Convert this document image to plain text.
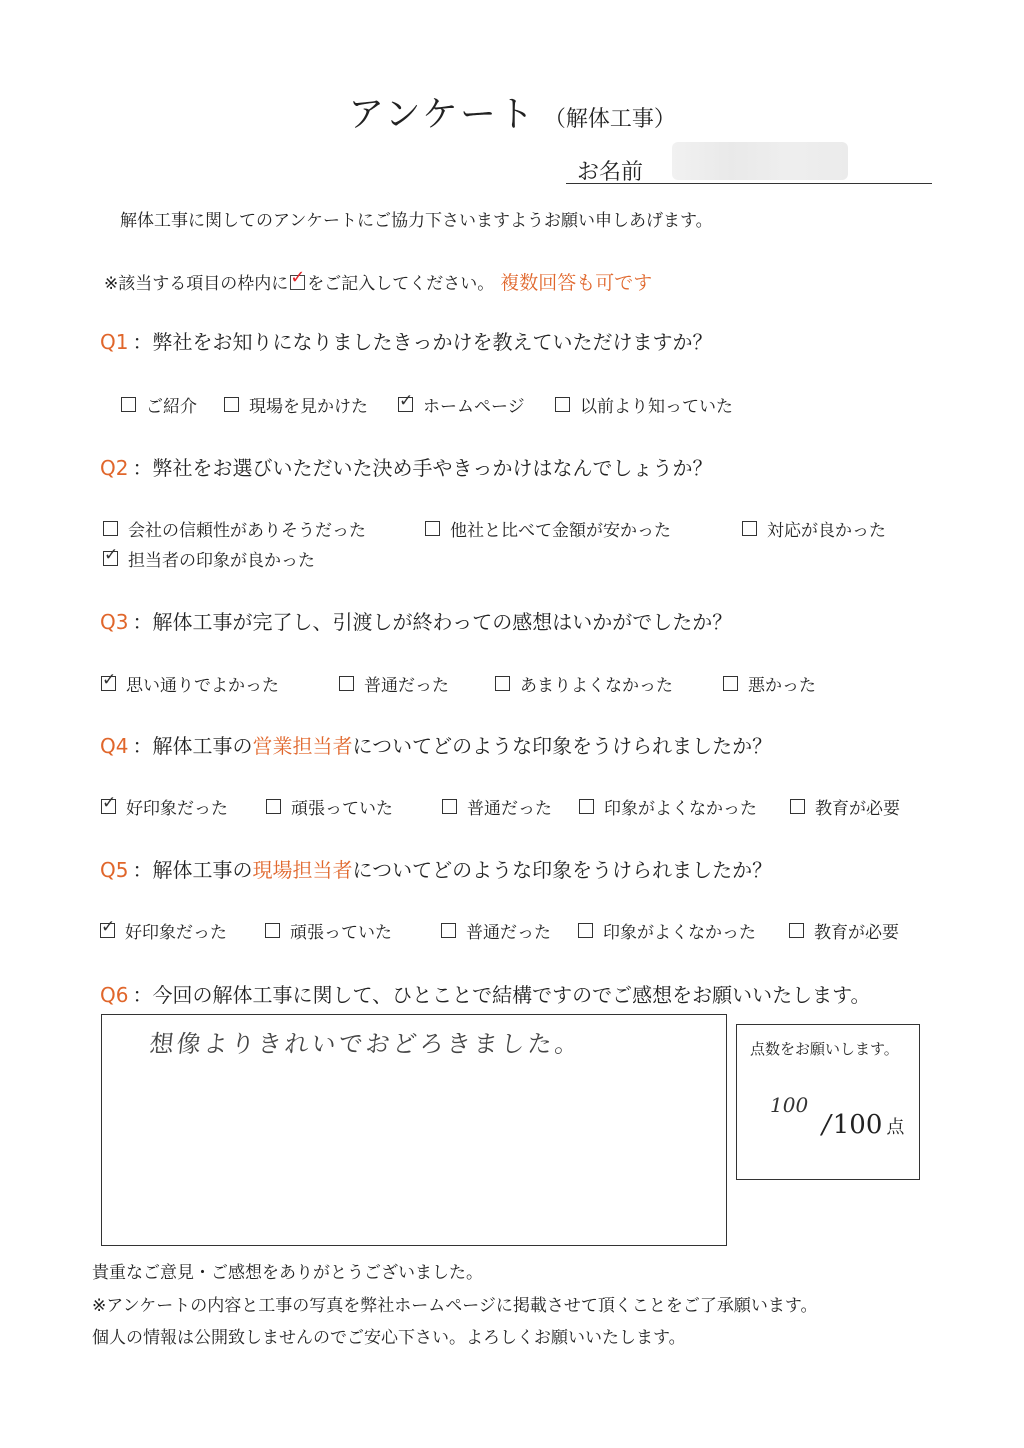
アンケート （解体工事）
お名前
解体工事に関してのアンケートにご協力下さいますようお願い申しあげます。
※該当する項目の枠内に ✓ をご記入してください。 複数回答も可です
Q1 ：弊社をお知りになりましたきっかけを教えていただけますか？
ご紹介	現場を見かけた ✓ ホームページ	以前より知っていた
Q2 ：弊社をお選びいただいた決め手やきっかけはなんでしょうか？
会社の信頼性がありそうだった	他社と比べて金額が安かった	対応が良かった
✓ 担当者の印象が良かった
Q3 ：解体工事が完了し、引渡しが終わっての感想はいかがでしたか？
✓ 思い通りでよかった	普通だった	あまりよくなかった	悪かった
Q4 ：解体工事の営業担当者についてどのような印象をうけられましたか？
✓ 好印象だった	頑張っていた	普通だった	印象がよくなかった	教育が必要
Q5 ：解体工事の現場担当者についてどのような印象をうけられましたか？
✓ 好印象だった	頑張っていた	普通だった	印象がよくなかった	教育が必要
Q6 ：今回の解体工事に関して、ひとことで結構ですのでご感想をお願いいたします。
想像よりきれいでおどろきました。	点数をお願いします。
100
/100 点
貴重なご意見・ご感想をありがとうございました。
※アンケートの内容と工事の写真を弊社ホームページに掲載させて頂くことをご了承願います。
個人の情報は公開致しませんのでご安心下さい。よろしくお願いいたします。
